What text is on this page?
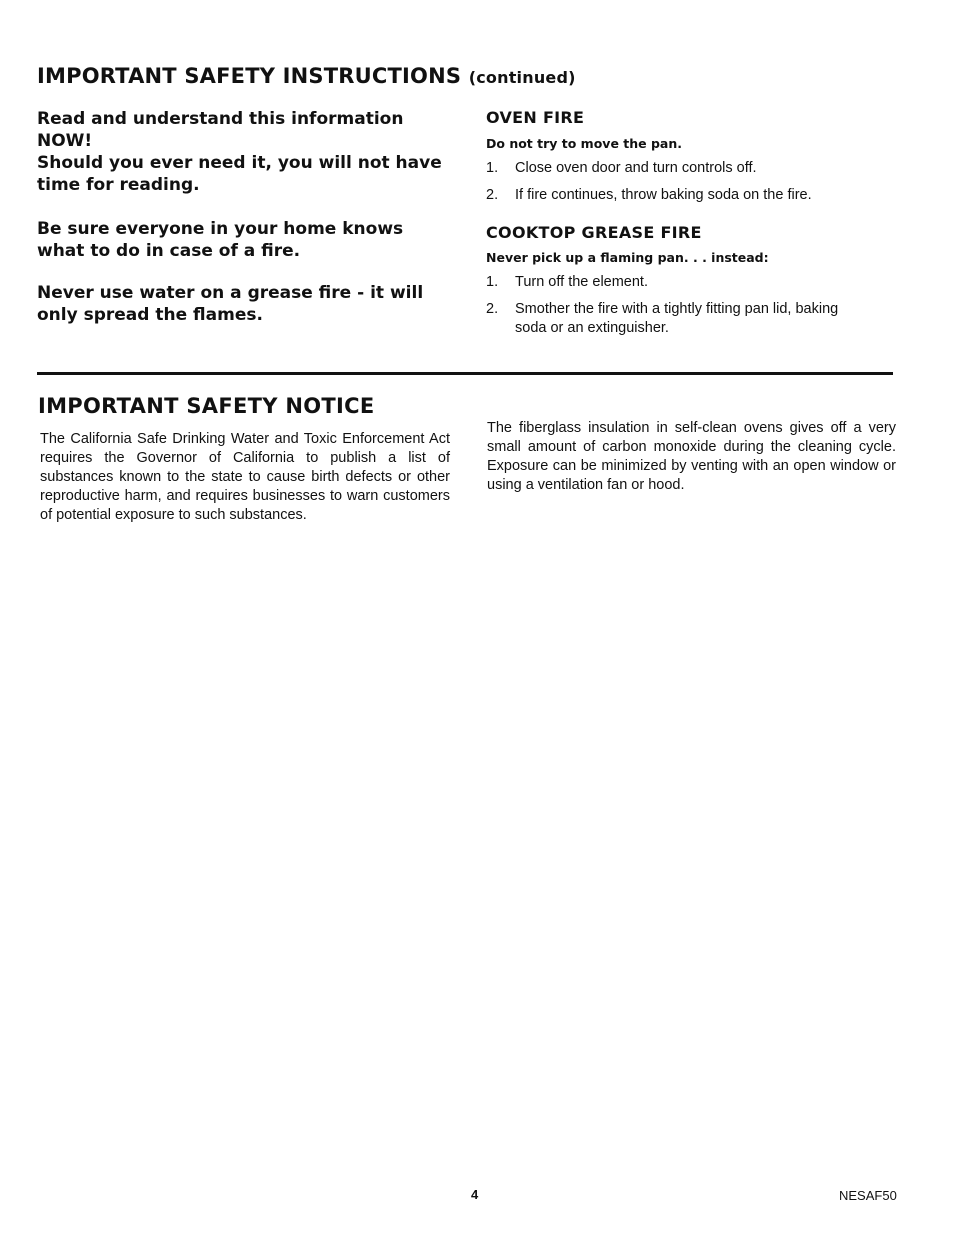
IMPORTANT SAFETY INSTRUCTIONS (continued)

Read and understand this information NOW!

Should you ever need it, you will not have time for reading.

Be sure everyone in your home knows what to do in case of a fire.

Never use water on a grease fire - it will only spread the flames.

OVEN FIRE
Do not try to move the pan.
1. Close oven door and turn controls off.
2. If fire continues, throw baking soda on the fire.
COOKTOP GREASE FIRE
Never pick up a flaming pan. . . instead:
1. Turn off the element.
2. Smother the fire with a tightly fitting pan lid, baking soda or an extinguisher.
IMPORTANT SAFETY NOTICE

The California Safe Drinking Water and Toxic Enforcement Act requires the Governor of California to publish a list of substances known to the state to cause birth defects or other reproductive harm, and requires businesses to warn customers of potential exposure to such substances.

The fiberglass insulation in self-clean ovens gives off a very small amount of carbon monoxide during the cleaning cycle. Exposure can be minimized by venting with an open window or using a ventilation fan or hood.

4	NESAF50
